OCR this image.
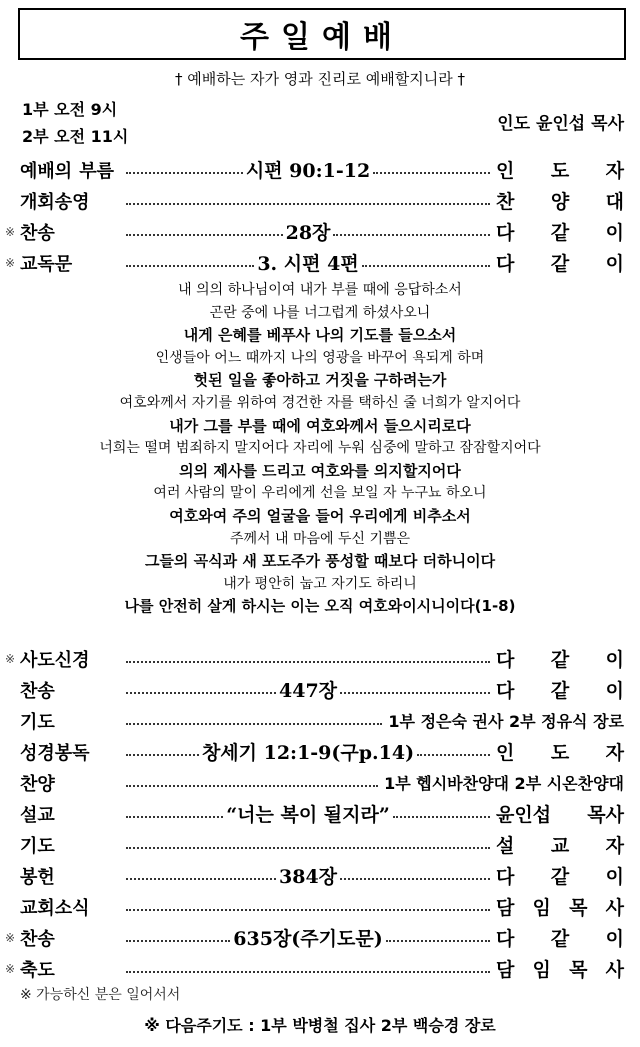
주일예배
† 예배하는 자가 영과 진리로 예배할지니라 †
1부 오전 9시
2부 오전 11시
인도 윤인섭 목사
예배의 부름	시편 90:1-12	인 도 자
개회송영	찬 양 대
※ 찬송	28장	다 같 이
※ 교독문	3. 시편 4편	다 같 이
내 의의 하나님이여 내가 부를 때에 응답하소서
곤란 중에 나를 너그럽게 하셨사오니
내게 은혜를 베푸사 나의 기도를 들으소서
인생들아 어느 때까지 나의 영광을 바꾸어 욕되게 하며
헛된 일을 좋아하고 거짓을 구하려는가
여호와께서 자기를 위하여 경건한 자를 택하신 줄 너희가 알지어다
내가 그를 부를 때에 여호와께서 들으시리로다
너희는 떨며 범죄하지 말지어다 자리에 누워 심중에 말하고 잠잠할지어다
의의 제사를 드리고 여호와를 의지할지어다
여러 사람의 말이 우리에게 선을 보일 자 누구뇨 하오니
여호와여 주의 얼굴을 들어 우리에게 비추소서
주께서 내 마음에 두신 기쁨은
그들의 곡식과 새 포도주가 풍성할 때보다 더하니이다
내가 평안히 눕고 자기도 하리니
나를 안전히 살게 하시는 이는 오직 여호와이시니이다(1-8)
※ 사도신경	다 같 이
찬송	447장	다 같 이
기도	1부 정은숙 권사 2부 정유식 장로
성경봉독	창세기 12:1-9(구p.14)	인 도 자
찬양	1부 헵시바찬양대 2부 시온찬양대
설교	“너는 복이 될지라”	윤인섭 목사
기도	설 교 자
봉헌	384장	다 같 이
교회소식	담 임 목 사
※ 찬송	635장(주기도문)	다 같 이
※ 축도	담 임 목 사
※ 가능하신 분은 일어서서
※ 다음주기도 : 1부 박병철 집사 2부 백승경 장로
